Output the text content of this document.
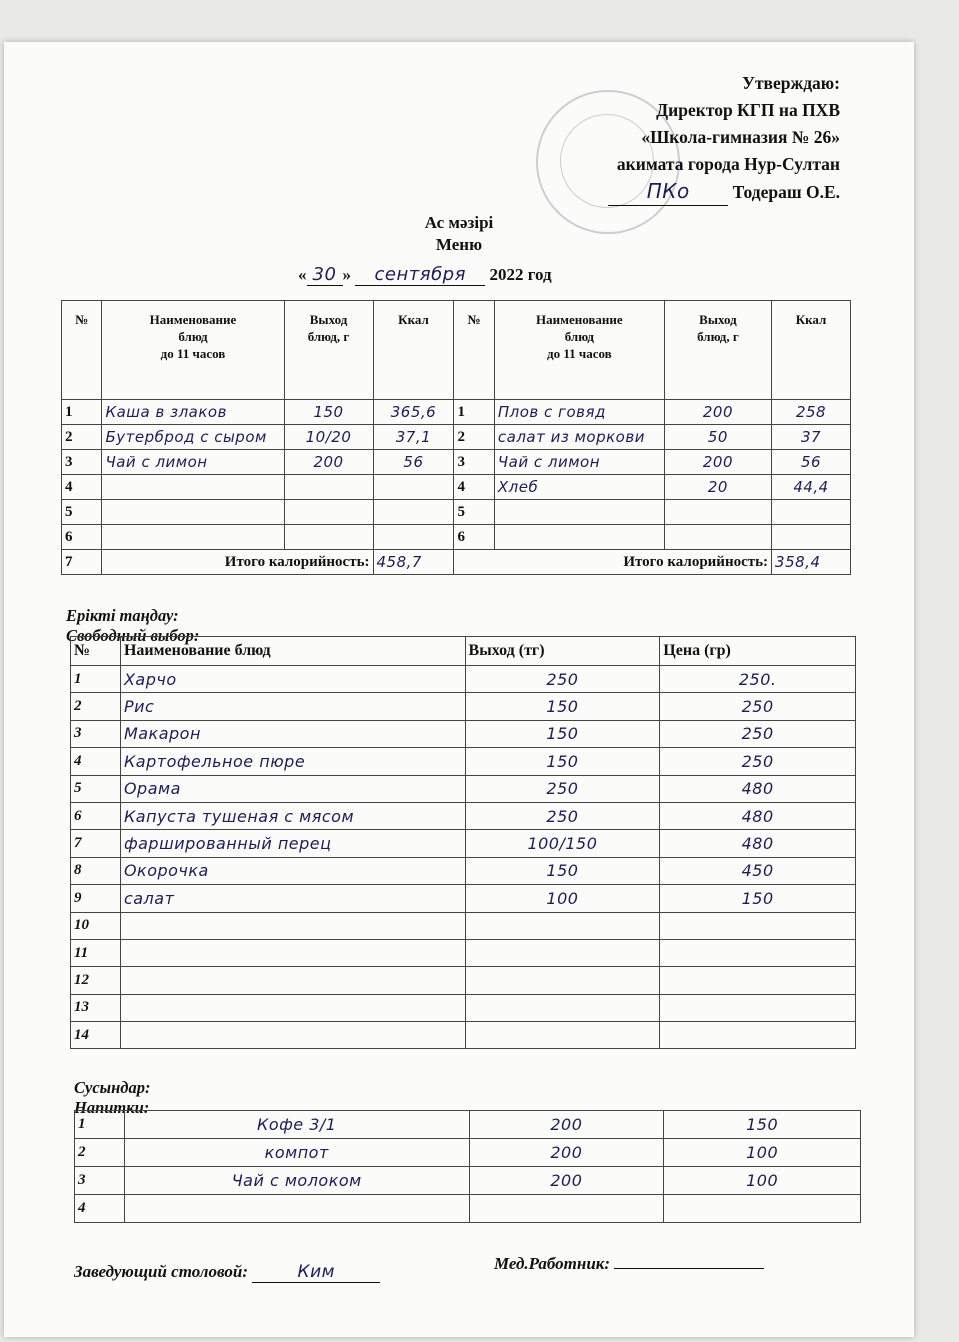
Утверждаю:
Директор КГП на ПХВ
«Школа-гимназия № 26»
акимата города Нур-Султан
ПКо Тодераш О.Е.
Ас мәзірі
Меню
« 30 » сентября 2022 год
№	Наименование
блюд
до 11 часов	Выход
блюд, г	Ккал	№	Наименование
блюд
до 11 часов	Выход
блюд, г	Ккал
1	Каша в злаков	150	365,6	1	Плов с говяд	200	258
2	Бутерброд с сыром	10/20	37,1	2	салат из моркови	50	37
3	Чай с лимон	200	56	3	Чай с лимон	200	56
4				4	Хлеб	20	44,4
5				5			
6				6			
7	Итого калорийность:		458,7	Итого калорийность:			358,4
Ерікті таңдау:
Свободный выбор:
№	Наименование блюд	Выход (тг)	Цена (гр)
1	Харчо	250	250.
2	Рис	150	250
3	Макарон	150	250
4	Картофельное пюре	150	250
5	Орама	250	480
6	Капуста тушеная с мясом	250	480
7	фаршированный перец	100/150	480
8	Окорочка	150	450
9	салат	100	150
10			
11			
12			
13			
14			
Сусындар:
Напитки:
1	Кофе 3/1	200	150
2	компот	200	100
3	Чай с молоком	200	100
4			
Заведующий столовой:	Ким	Мед.Работник:
